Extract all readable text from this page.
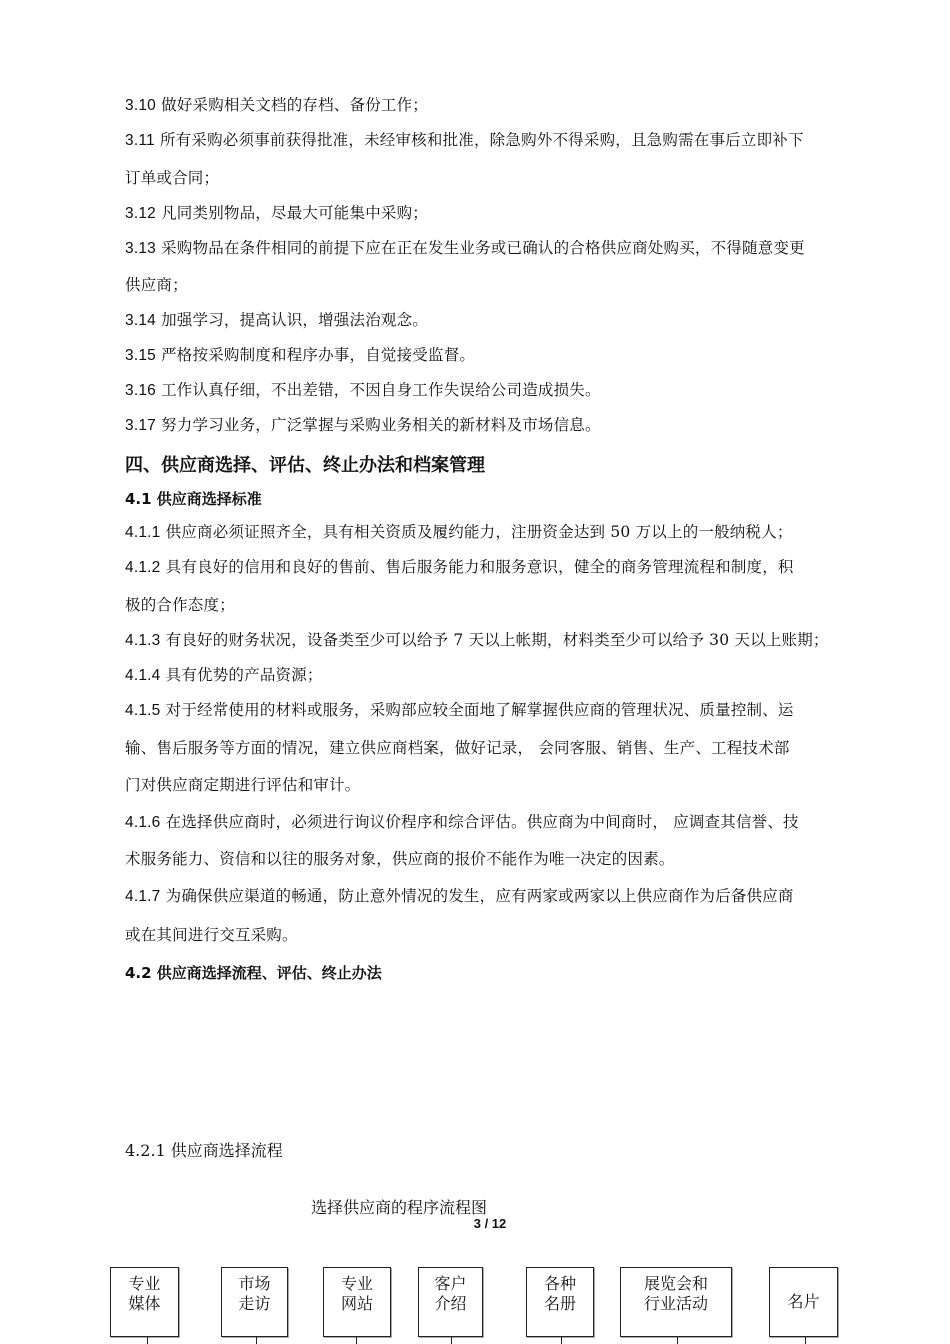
3.10 做好采购相关文档的存档、备份工作；
3.11 所有采购必须事前获得批准，未经审核和批准，除急购外不得采购，且急购需在事后立即补下
订单或合同；
3.12 凡同类别物品，尽最大可能集中采购；
3.13 采购物品在条件相同的前提下应在正在发生业务或已确认的合格供应商处购买，不得随意变更
供应商；
3.14 加强学习，提高认识，增强法治观念。
3.15 严格按采购制度和程序办事，自觉接受监督。
3.16 工作认真仔细，不出差错，不因自身工作失误给公司造成损失。
3.17 努力学习业务，广泛掌握与采购业务相关的新材料及市场信息。
四、供应商选择、评估、终止办法和档案管理
4.1 供应商选择标准
4.1.1 供应商必须证照齐全，具有相关资质及履约能力，注册资金达到 50 万以上的一般纳税人；
4.1.2 具有良好的信用和良好的售前、售后服务能力和服务意识，健全的商务管理流程和制度，积
极的合作态度；
4.1.3 有良好的财务状况，设备类至少可以给予 7 天以上帐期，材料类至少可以给予 30 天以上账期；
4.1.4 具有优势的产品资源；
4.1.5 对于经常使用的材料或服务，采购部应较全面地了解掌握供应商的管理状况、质量控制、运
输、售后服务等方面的情况，建立供应商档案，做好记录， 会同客服、销售、生产、工程技术部
门对供应商定期进行评估和审计。
4.1.6 在选择供应商时，必须进行询议价程序和综合评估。供应商为中间商时， 应调查其信誉、技
术服务能力、资信和以往的服务对象，供应商的报价不能作为唯一决定的因素。
4.1.7 为确保供应渠道的畅通，防止意外情况的发生，应有两家或两家以上供应商作为后备供应商
或在其间进行交互采购。
4.2 供应商选择流程、评估、终止办法
4.2.1 供应商选择流程
选择供应商的程序流程图
3 / 12
专业
媒体
市场
走访
专业
网站
客户
介绍
各种
名册
展览会和
行业活动	名片
